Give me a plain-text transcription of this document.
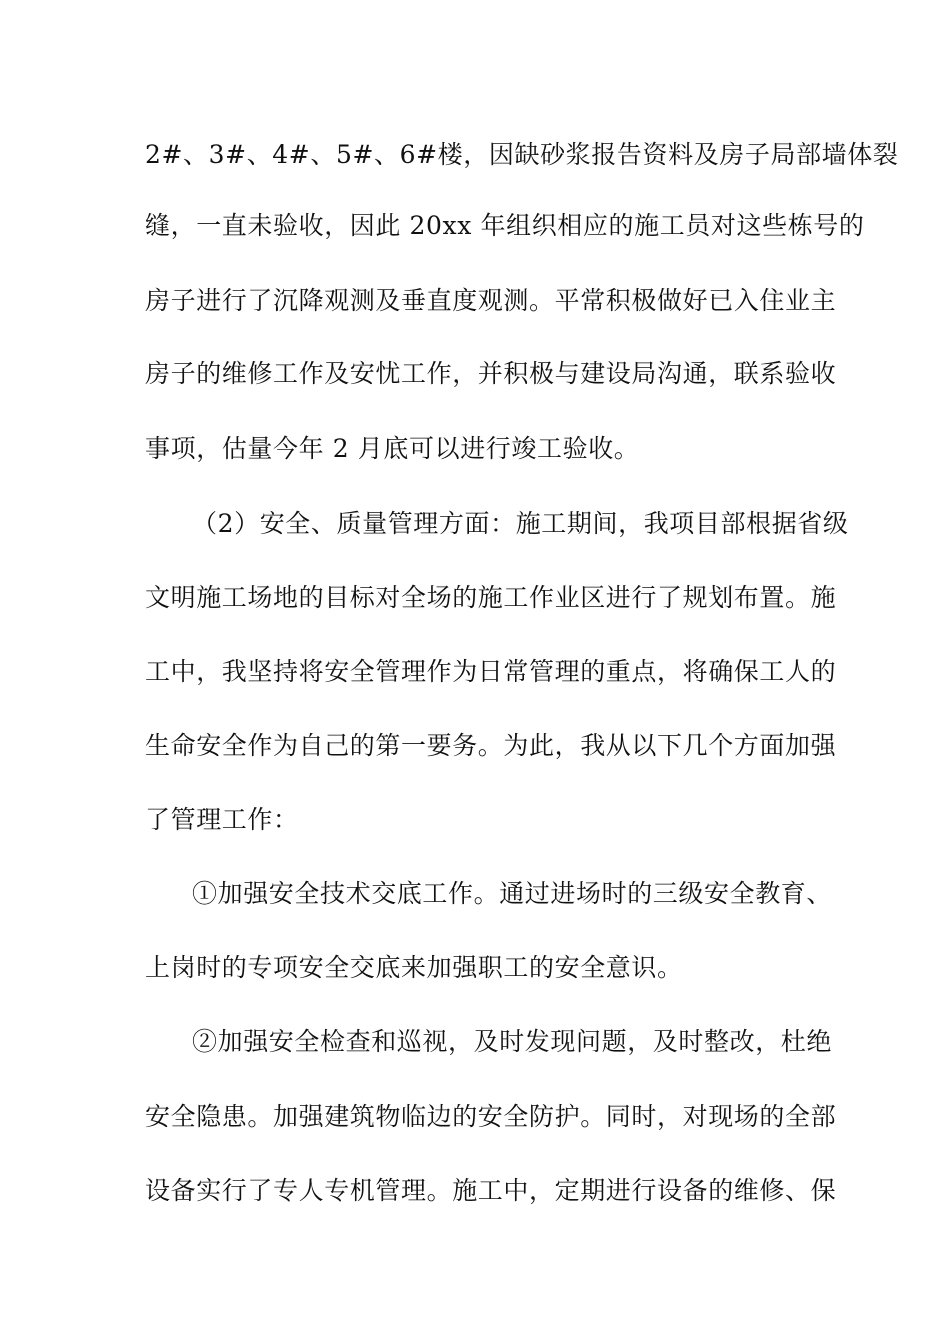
2#、3#、4#、5#、6#楼，因缺砂浆报告资料及房子局部墙体裂
缝，一直未验收，因此 20xx 年组织相应的施工员对这些栋号的
房子进行了沉降观测及垂直度观测。平常积极做好已入住业主
房子的维修工作及安忧工作，并积极与建设局沟通，联系验收
事项，估量今年 2 月底可以进行竣工验收。
（2）安全、质量管理方面：施工期间，我项目部根据省级
文明施工场地的目标对全场的施工作业区进行了规划布置。施
工中，我坚持将安全管理作为日常管理的重点，将确保工人的
生命安全作为自己的第一要务。为此，我从以下几个方面加强
了管理工作：
①加强安全技术交底工作。通过进场时的三级安全教育、
上岗时的专项安全交底来加强职工的安全意识。
②加强安全检查和巡视，及时发现问题，及时整改，杜绝
安全隐患。加强建筑物临边的安全防护。同时，对现场的全部
设备实行了专人专机管理。施工中，定期进行设备的维修、保
